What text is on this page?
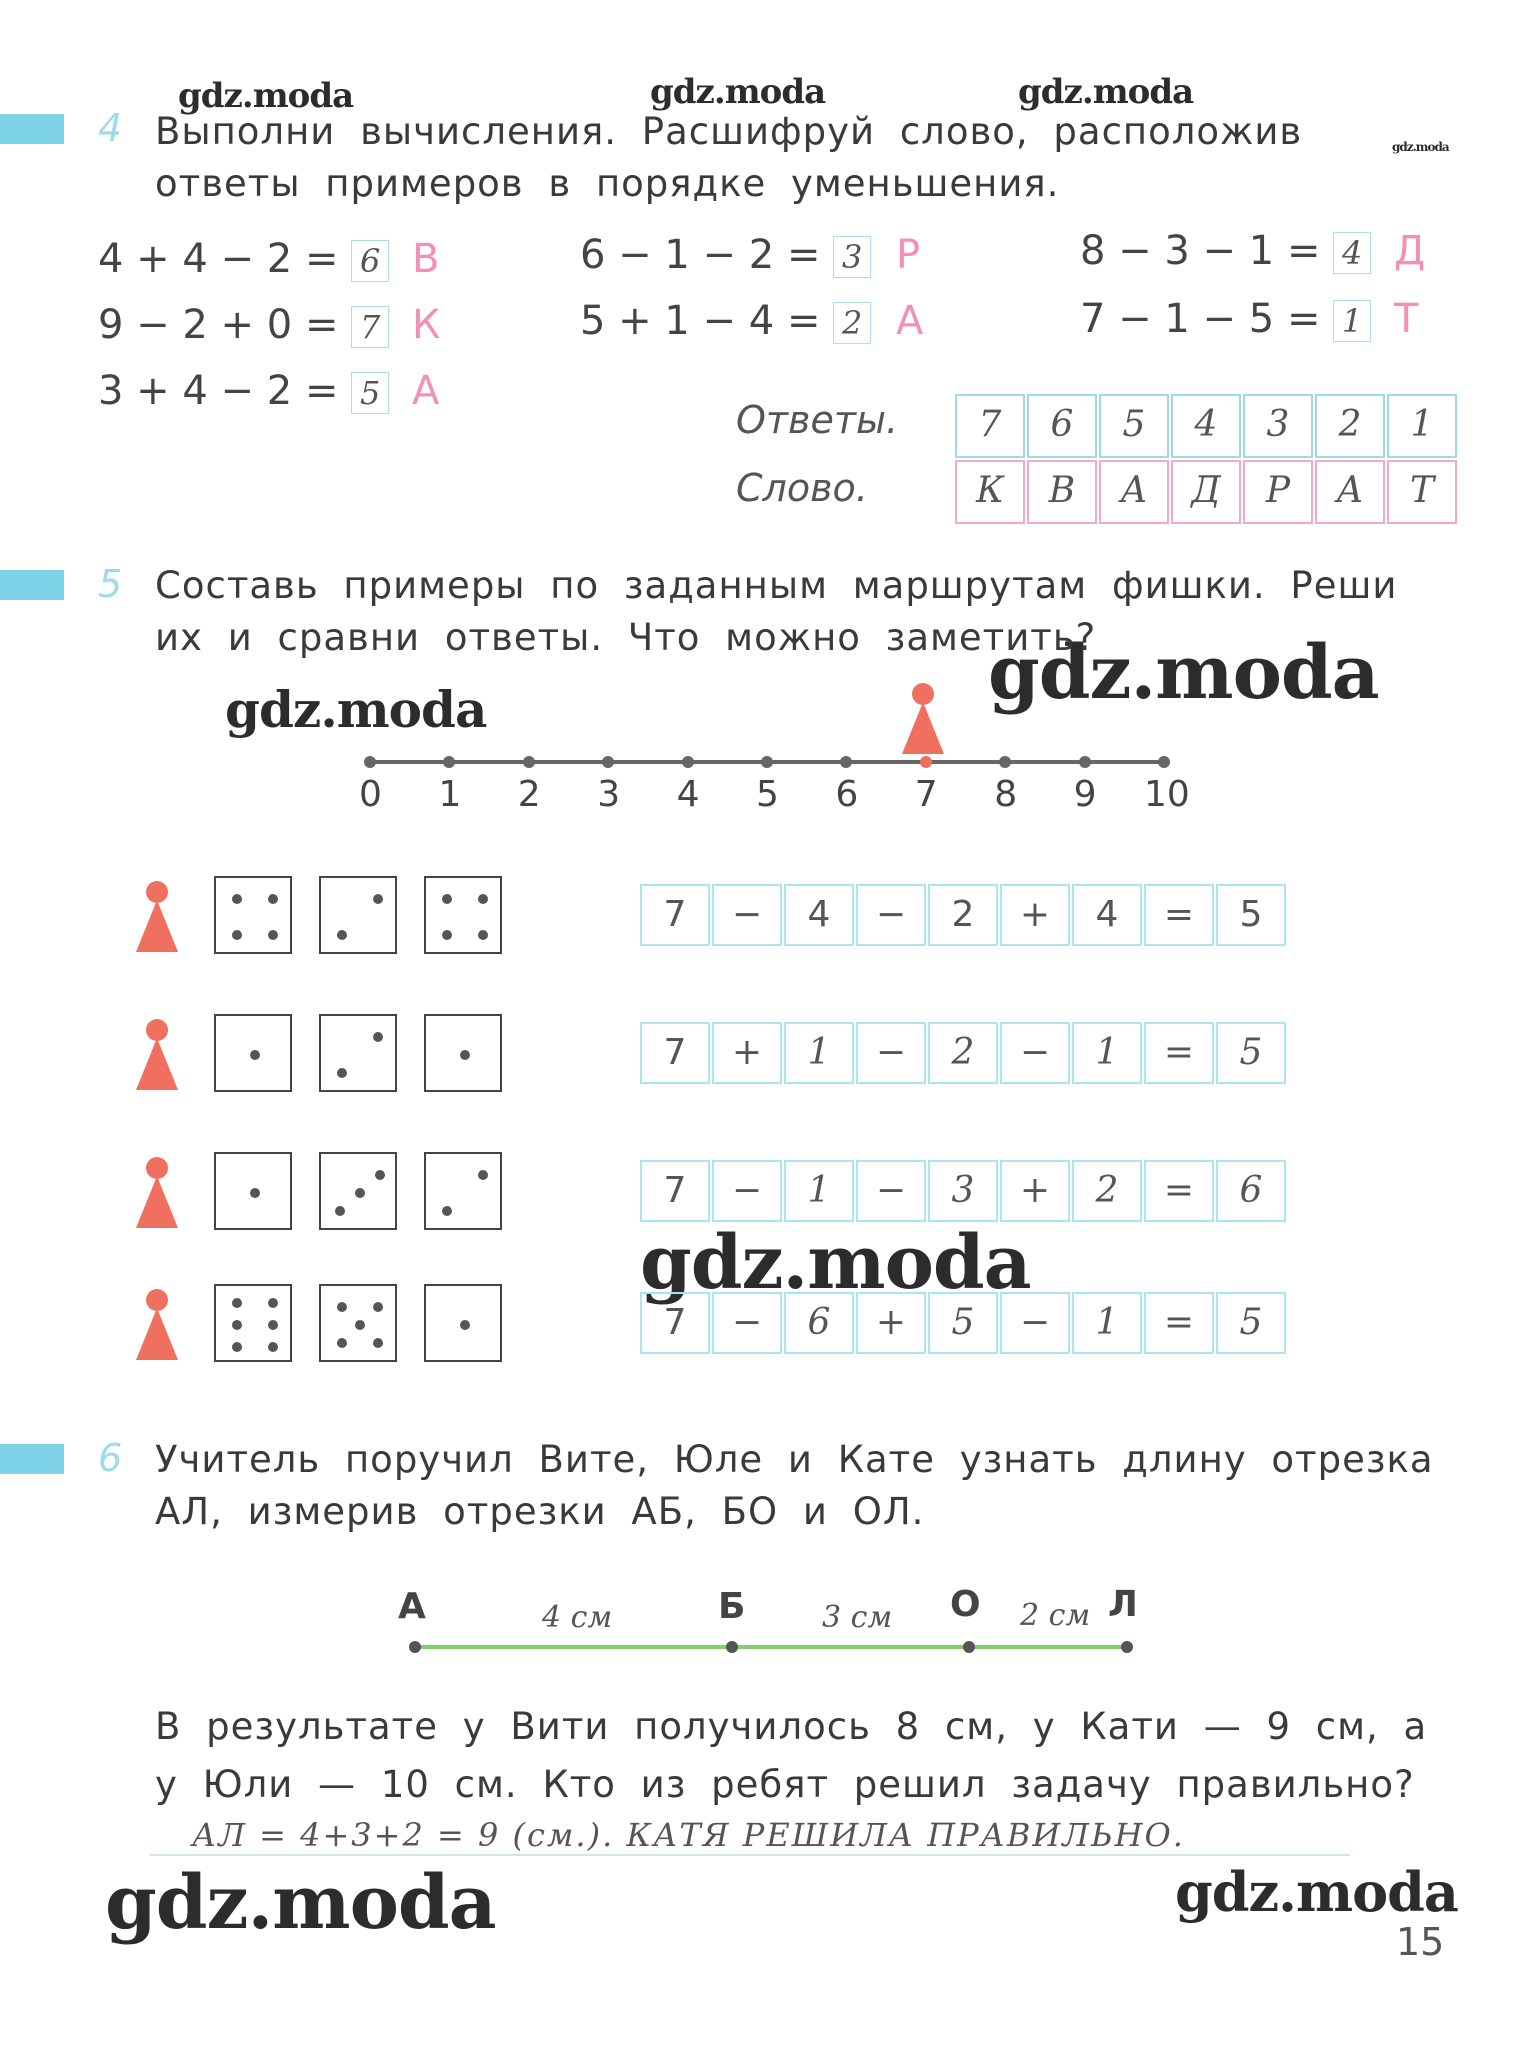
gdz.moda	gdz.moda	gdz.moda
gdz.moda
gdz.moda	gdz.moda
gdz.moda
gdz.moda	gdz.moda
4 Выполни вычисления. Расшифруй слово, расположив ответы примеров в порядке уменьшения.
4 + 4 − 2 = 6 В	6 − 1 − 2 = 3 Р	8 − 3 − 1 = 4 Д
9 − 2 + 0 = 7 К	5 + 1 − 4 = 2 А	7 − 1 − 5 = 1 Т
3 + 4 − 2 = 5 А
Ответы.
Слово.
7	6	5	4	3	2	1
К	В	А	Д	Р	А	Т
5 Составь примеры по заданным маршрутам фишки. Реши их и сравни ответы. Что можно заметить?
0 1 2 3 4 5 6 7 8 9 10
7	−	4	−	2	+	4	=	5
7	+	1	−	2	−	1	=	5
7	−	1	−	3	+	2	=	6
7	−	6	+	5	−	1	=	5
6 Учитель поручил Вите, Юле и Кате узнать длину отрезка АЛ, измерив отрезки АБ, БО и ОЛ.
А	Б	О	Л
4 см	3 см	2 см
В результате у Вити получилось 8 см, у Кати — 9 см, а у Юли — 10 см. Кто из ребят решил задачу правильно?
АЛ = 4+3+2 = 9 (см.). КАТЯ РЕШИЛА ПРАВИЛЬНО.
15
